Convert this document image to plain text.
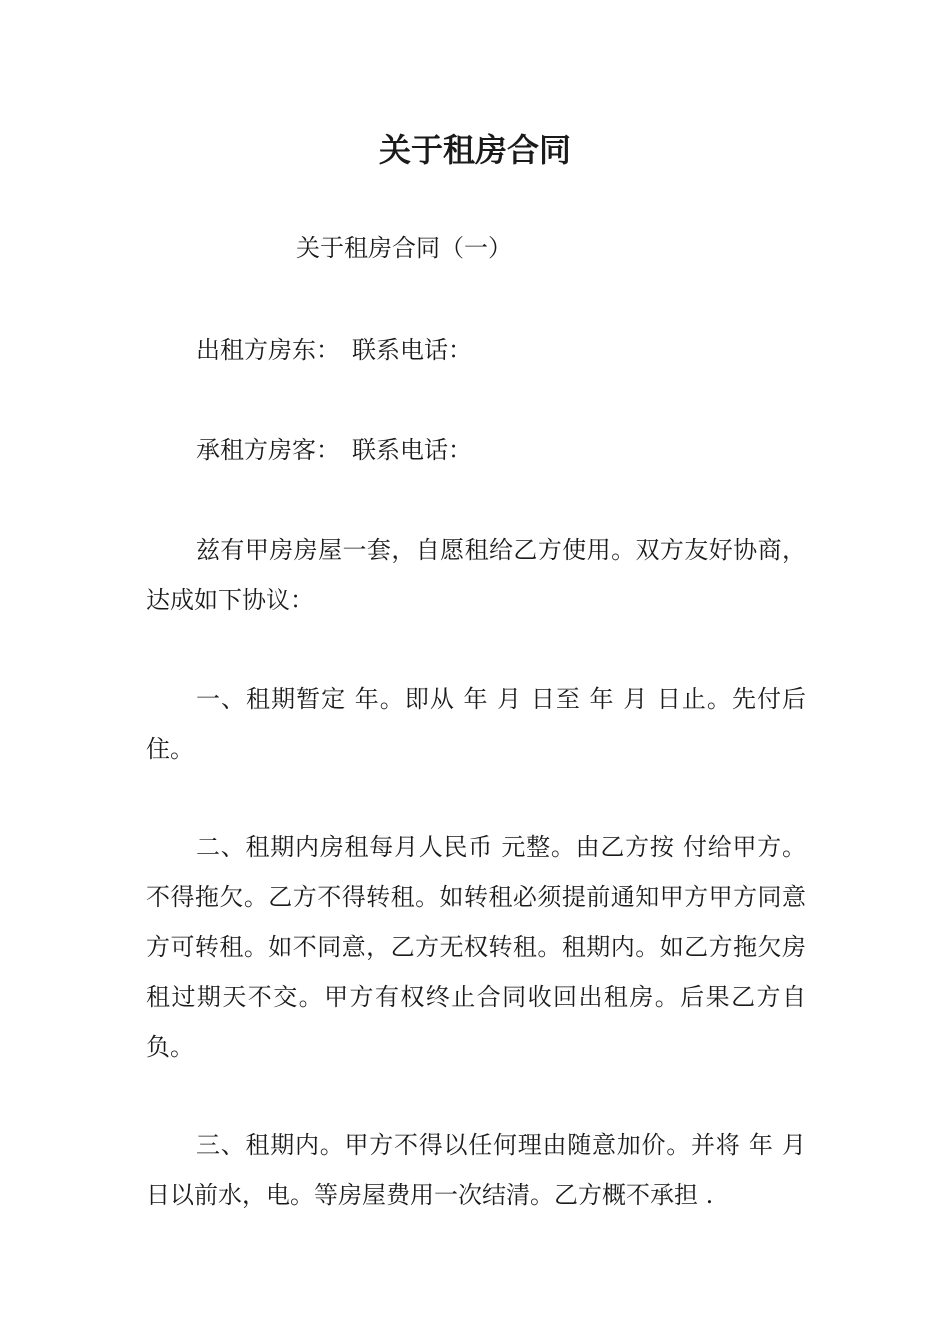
关于租房合同

关于租房合同（一）

出租方房东：　联系电话：

承租方房客：　联系电话：

兹有甲房房屋一套，自愿租给乙方使用。双方友好协商，达成如下协议：

一、租期暂定 年。即从 年 月 日至 年 月 日止。先付后住。

二、租期内房租每月人民币 元整。由乙方按 付给甲方。不得拖欠。乙方不得转租。如转租必须提前通知甲方甲方同意方可转租。如不同意，乙方无权转租。租期内。如乙方拖欠房租过期天不交。甲方有权终止合同收回出租房。后果乙方自负。

三、租期内。甲方不得以任何理由随意加价。并将 年 月 日以前水，电。等房屋费用一次结清。乙方概不承担 .
